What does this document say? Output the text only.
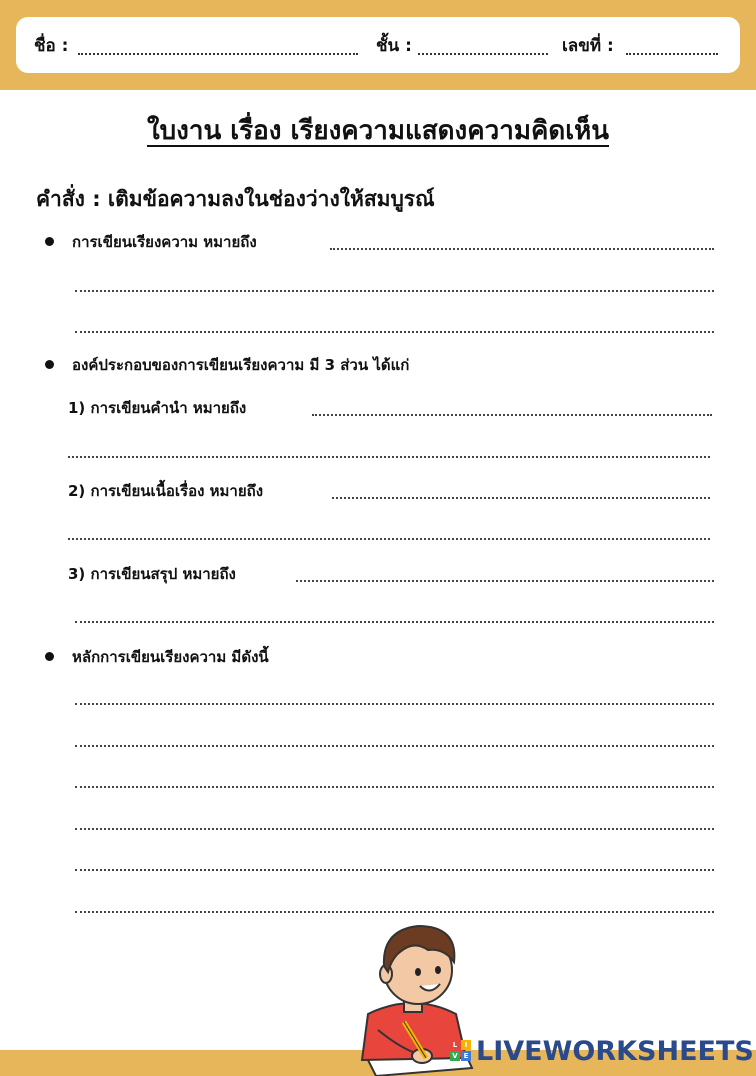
ชื่อ :	ชั้น :	เลขที่ :
ใบงาน เรื่อง เรียงความแสดงความคิดเห็น
คำสั่ง : เติมข้อความลงในช่องว่างให้สมบูรณ์
การเขียนเรียงความ หมายถึง
องค์ประกอบของการเขียนเรียงความ มี 3 ส่วน ได้แก่
1) การเขียนคำนำ หมายถึง
2) การเขียนเนื้อเรื่อง หมายถึง
3) การเขียนสรุป หมายถึง
หลักการเขียนเรียงความ มีดังนี้
L	I
V E LIVEWORKSHEETS
